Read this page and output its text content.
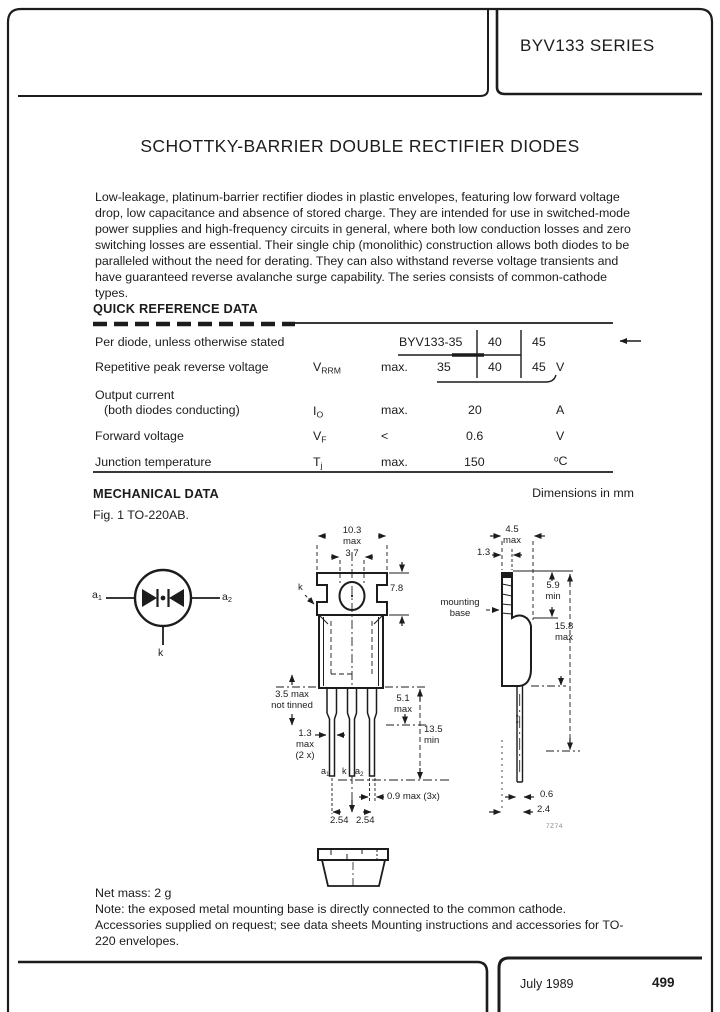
BYV133 SERIES
SCHOTTKY-BARRIER DOUBLE RECTIFIER DIODES
Low-leakage, platinum-barrier rectifier diodes in plastic envelopes, featuring low forward voltage drop, low capacitance and absence of stored charge. They are intended for use in switched-mode power supplies and high-frequency circuits in general, where both low conduction losses and zero switching losses are essential. Their single chip (monolithic) construction allows both diodes to be paralleled without the need for derating. They can also withstand reverse voltage transients and have guaranteed reverse avalanche surge capability. The series consists of common-cathode types.
QUICK REFERENCE DATA
Per diode, unless otherwise stated	BYV133-35 40 45
Repetitive peak reverse voltage	$V_{RRM}$	max. 35	40 45 V
Output current
(both diodes conducting)	$I_O$	max.	20	A
Forward voltage	$V_F$	<	0.6	V
Junction temperature	$T_j$	max.	150	$^o$C
MECHANICAL DATA	Dimensions in mm
Fig. 1 TO-220AB.
$a_1$	$a_2$
k
10.3
max
3.7
7.8
k
3.5 max
not tinned
5.1
max
13.5
min
1.3
max
(2 x)
$a_1$ k $a_2$
0.9 max (3x)
2.54 2.54
4.5
max
1.3
mounting
base
5.9
min
15.8
max
0.6
2.4
7Z74
Net mass: 2 g
Note: the exposed metal mounting base is directly connected to the common cathode.
Accessories supplied on request; see data sheets Mounting instructions and accessories for TO-220 envelopes.
July 1989	499
